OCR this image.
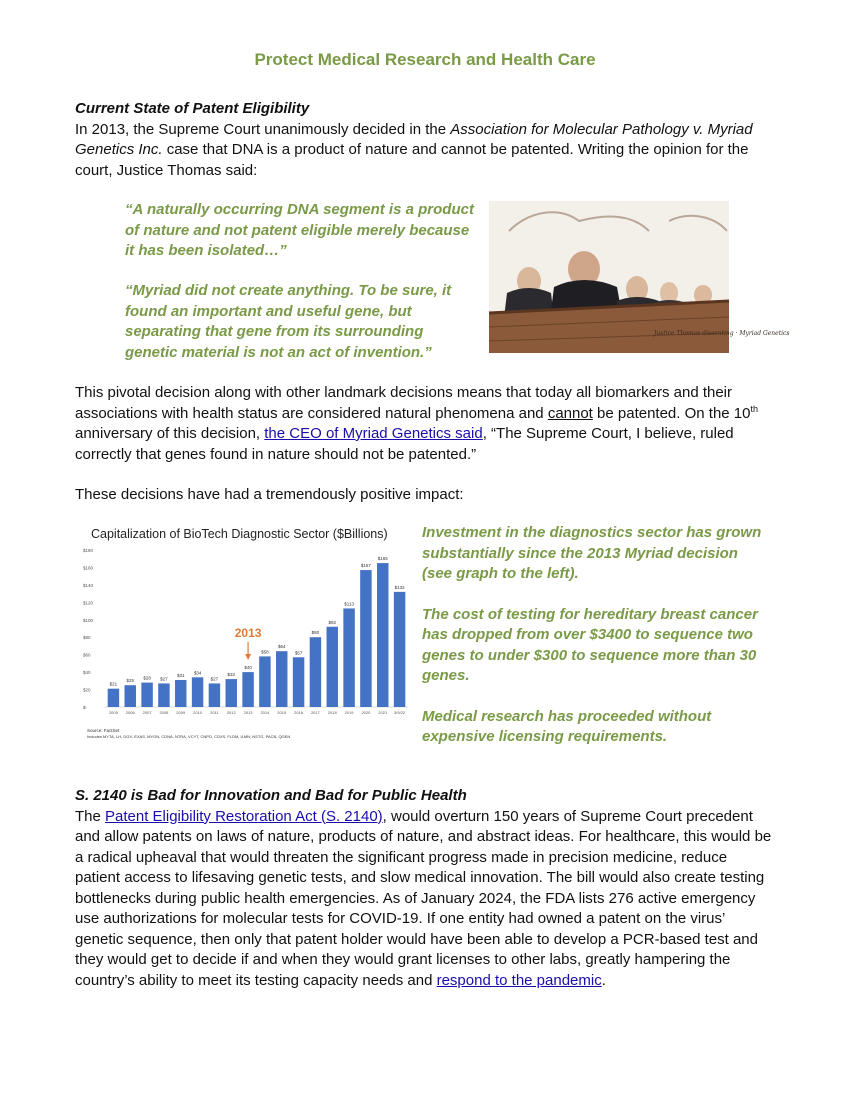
Protect Medical Research and Health Care
Current State of Patent Eligibility
In 2013, the Supreme Court unanimously decided in the Association for Molecular Pathology v. Myriad Genetics Inc. case that DNA is a product of nature and cannot be patented. Writing the opinion for the court, Justice Thomas said:
“A naturally occurring DNA segment is a product of nature and not patent eligible merely because it has been isolated…”
“Myriad did not create anything. To be sure, it found an important and useful gene, but separating that gene from its surrounding genetic material is not an act of invention.”
Justice Thomas dissenting · Myriad Genetics
This pivotal decision along with other landmark decisions means that today all biomarkers and their associations with health status are considered natural phenomena and cannot be patented. On the 10th anniversary of this decision, the CEO of Myriad Genetics said, “The Supreme Court, I believe, ruled correctly that genes found in nature should not be patented.”
These decisions have had a tremendously positive impact:
Capitalization of BioTech Diagnostic Sector ($Billions)
$180
$160
$140
$120
$100
$80
$60
$40
$20
$-
$21
2005
$25
2006
$28
2007
$27
2008
$31
2009
$34
2010
$27
2011
$32
2012
$40
2013
$58
2014
$64
2015
$57
2016
$80
2017
$92
2018
$113
2019
$157
2020
$165
2021
$132
3/9/22
2013
Source: FactSet
Includes MYTA, LH, DGX, EXAS, MYGN, CDNA, NTRA, VCYT, CNPD, CDXS, FLDM, ILMN, NSTG, PACB, QGEN
Investment in the diagnostics sector has grown substantially since the 2013 Myriad decision (see graph to the left).
The cost of testing for hereditary breast cancer has dropped from over $3400 to sequence two genes to under $300 to sequence more than 30 genes.
Medical research has proceeded without expensive licensing requirements.
S. 2140 is Bad for Innovation and Bad for Public Health
The Patent Eligibility Restoration Act (S. 2140), would overturn 150 years of Supreme Court precedent and allow patents on laws of nature, products of nature, and abstract ideas. For healthcare, this would be a radical upheaval that would threaten the significant progress made in precision medicine, reduce patient access to lifesaving genetic tests, and slow medical innovation. The bill would also create testing bottlenecks during public health emergencies. As of January 2024, the FDA lists 276 active emergency use authorizations for molecular tests for COVID-19. If one entity had owned a patent on the virus’ genetic sequence, then only that patent holder would have been able to develop a PCR-based test and they would get to decide if and when they would grant licenses to other labs, greatly hampering the country’s ability to meet its testing capacity needs and respond to the pandemic.
